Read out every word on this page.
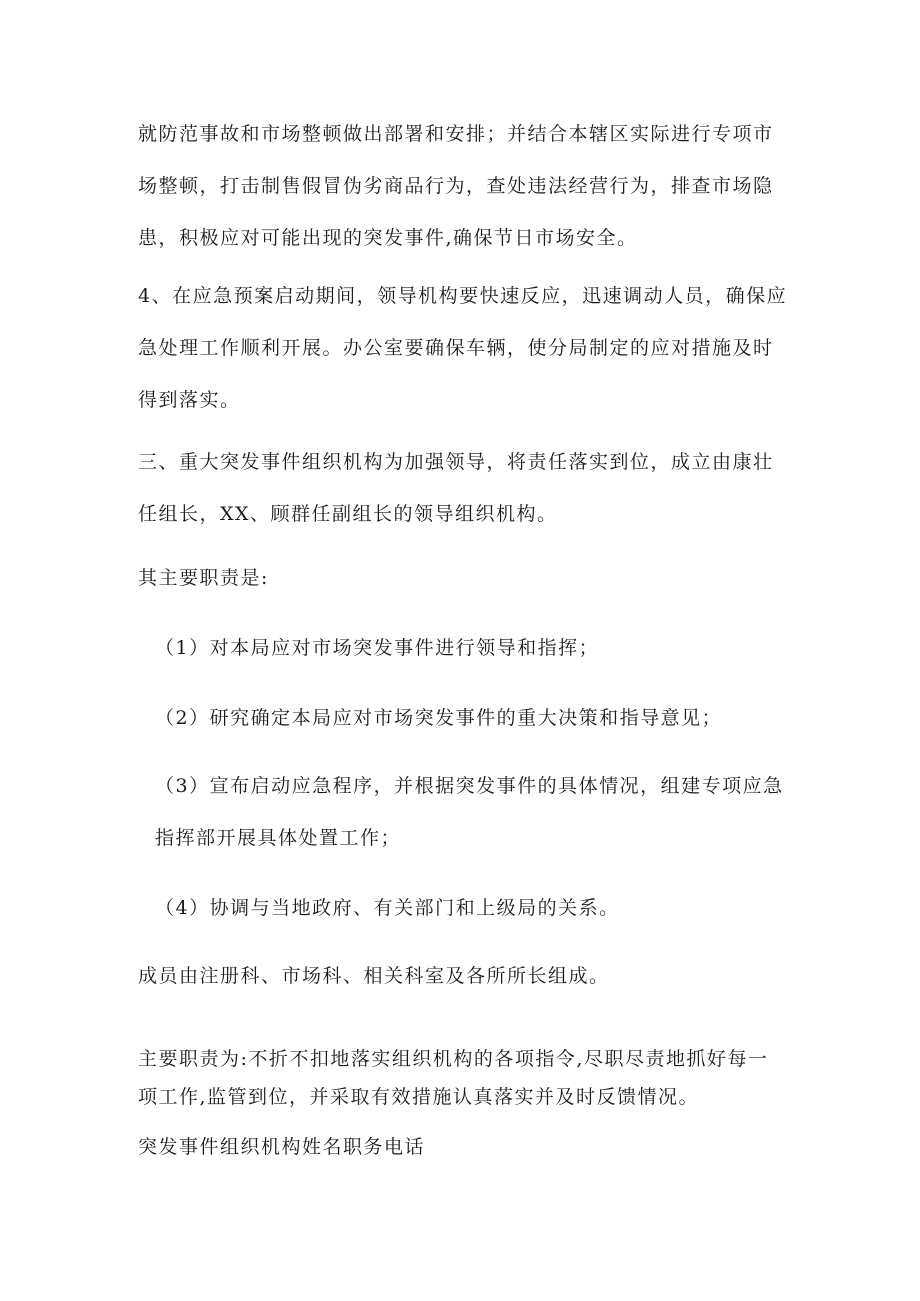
就防范事故和市场整顿做出部署和安排；并结合本辖区实际进行专项市场整顿，打击制售假冒伪劣商品行为，查处违法经营行为，排查市场隐患，积极应对可能出现的突发事件,确保节日市场安全。

4、在应急预案启动期间，领导机构要快速反应，迅速调动人员，确保应急处理工作顺利开展。办公室要确保车辆，使分局制定的应对措施及时得到落实。

三、重大突发事件组织机构为加强领导，将责任落实到位，成立由康壮任组长，XX、顾群任副组长的领导组织机构。

其主要职责是:

（1）对本局应对市场突发事件进行领导和指挥；

（2）研究确定本局应对市场突发事件的重大决策和指导意见；

（3）宣布启动应急程序，并根据突发事件的具体情况，组建专项应急指挥部开展具体处置工作；

（4）协调与当地政府、有关部门和上级局的关系。

成员由注册科、市场科、相关科室及各所所长组成。

主要职责为:不折不扣地落实组织机构的各项指令,尽职尽责地抓好每一项工作,监管到位，并采取有效措施认真落实并及时反馈情况。

突发事件组织机构姓名职务电话
